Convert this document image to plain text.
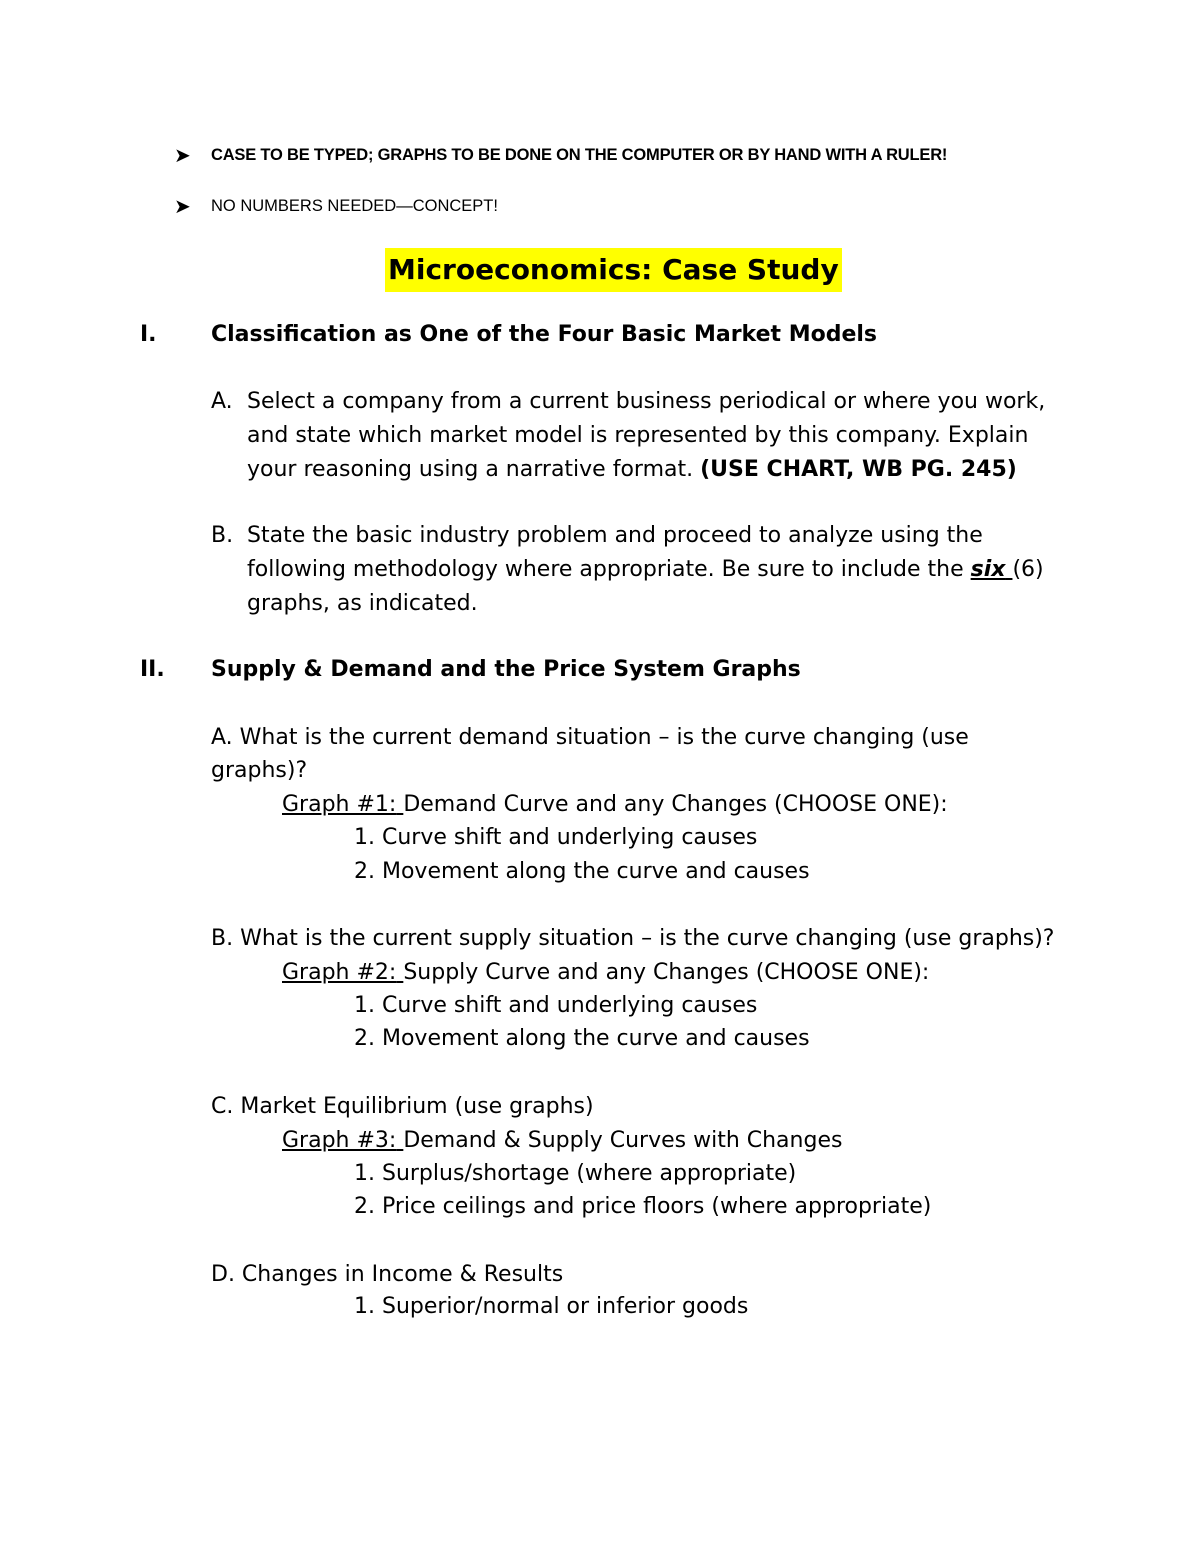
➤ CASE TO BE TYPED; GRAPHS TO BE DONE ON THE COMPUTER OR BY HAND WITH A RULER!
➤ NO NUMBERS NEEDED—CONCEPT!
Microeconomics: Case Study
I. Classification as One of the Four Basic Market Models
A. Select a company from a current business periodical or where you work,
and state which market model is represented by this company. Explain
your reasoning using a narrative format. (USE CHART, WB PG. 245)
B. State the basic industry problem and proceed to analyze using the
following methodology where appropriate. Be sure to include the six (6)
graphs, as indicated.
II. Supply & Demand and the Price System Graphs
A. What is the current demand situation – is the curve changing (use
graphs)?
Graph #1: Demand Curve and any Changes (CHOOSE ONE):
1. Curve shift and underlying causes
2. Movement along the curve and causes
B. What is the current supply situation – is the curve changing (use graphs)?
Graph #2: Supply Curve and any Changes (CHOOSE ONE):
1. Curve shift and underlying causes
2. Movement along the curve and causes
C. Market Equilibrium (use graphs)
Graph #3: Demand & Supply Curves with Changes
1. Surplus/shortage (where appropriate)
2. Price ceilings and price floors (where appropriate)
D. Changes in Income & Results
1. Superior/normal or inferior goods
